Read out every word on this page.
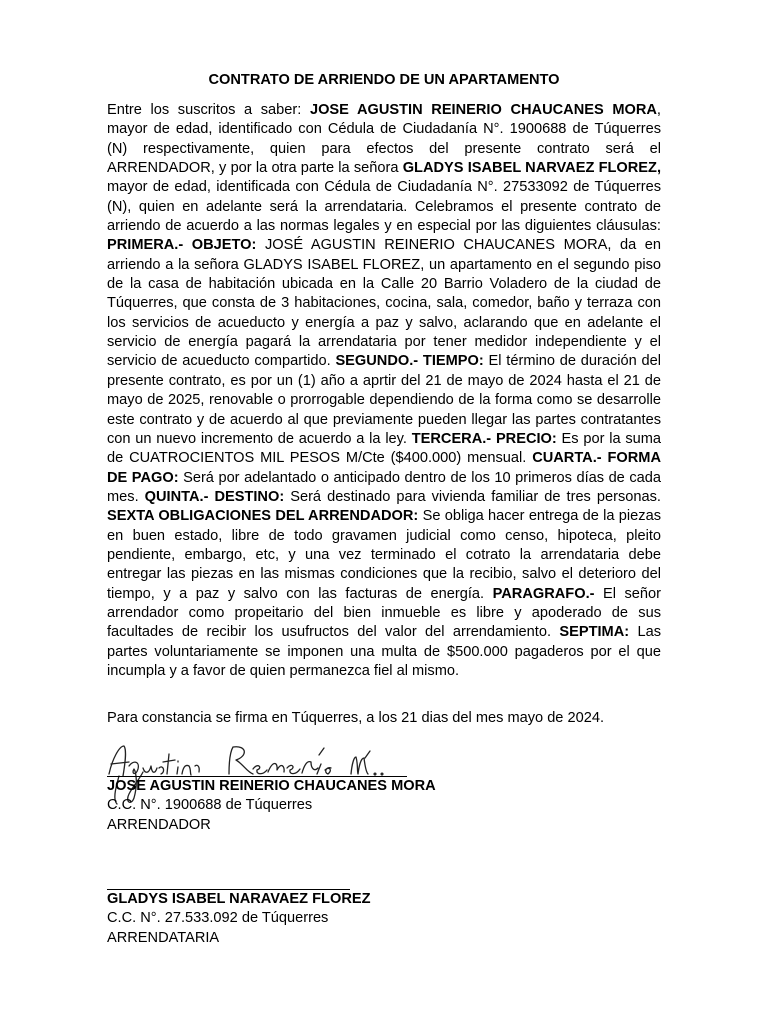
CONTRATO DE ARRIENDO DE UN APARTAMENTO

Entre los suscritos a saber: JOSE AGUSTIN REINERIO CHAUCANES MORA, mayor de edad, identificado con Cédula de Ciudadanía N°. 1900688 de Túquerres (N) respectivamente, quien para efectos del presente contrato será el ARRENDADOR, y por la otra parte la señora GLADYS ISABEL NARVAEZ FLOREZ, mayor de edad, identificada con Cédula de Ciudadanía N°. 27533092 de Túquerres (N), quien en adelante será la arrendataria. Celebramos el presente contrato de arriendo de acuerdo a las normas legales y en especial por las diguientes cláusulas: PRIMERA.- OBJETO: JOSÉ AGUSTIN REINERIO CHAUCANES MORA, da en arriendo a la señora GLADYS ISABEL FLOREZ, un apartamento en el segundo piso de la casa de habitación ubicada en la Calle 20 Barrio Voladero de la ciudad de Túquerres, que consta de 3 habitaciones, cocina, sala, comedor, baño y terraza con los servicios de acueducto y energía a paz y salvo, aclarando que en adelante el servicio de energía pagará la arrendataria por tener medidor independiente y el servicio de acueducto compartido. SEGUNDO.- TIEMPO: El término de duración del presente contrato, es por un (1) año a aprtir del 21 de mayo de 2024 hasta el 21 de mayo de 2025, renovable o prorrogable dependiendo de la forma como se desarrolle este contrato y de acuerdo al que previamente pueden llegar las partes contratantes con un nuevo incremento de acuerdo a la ley. TERCERA.- PRECIO: Es por la suma de CUATROCIENTOS MIL PESOS M/Cte ($400.000) mensual. CUARTA.- FORMA DE PAGO: Será por adelantado o anticipado dentro de los 10 primeros días de cada mes. QUINTA.- DESTINO: Será destinado para vivienda familiar de tres personas. SEXTA OBLIGACIONES DEL ARRENDADOR: Se obliga hacer entrega de la piezas en buen estado, libre de todo gravamen judicial como censo, hipoteca, pleito pendiente, embargo, etc, y una vez terminado el cotrato la arrendataria debe entregar las piezas en las mismas condiciones que la recibio, salvo el deterioro del tiempo, y a paz y salvo con las facturas de energía. PARAGRAFO.- El señor arrendador como propeitario del bien inmueble es libre y apoderado de sus facultades de recibir los usufructos del valor del arrendamiento. SEPTIMA: Las partes voluntariamente se imponen una multa de $500.000 pagaderos por el que incumpla y a favor de quien permanezca fiel al mismo.

Para constancia se firma en Túquerres, a los 21 dias del mes mayo de 2024.

JOSE AGUSTIN REINERIO CHAUCANES MORA
C.C. N°. 1900688 de Túquerres
ARRENDADOR
GLADYS ISABEL NARAVAEZ FLOREZ
C.C. N°. 27.533.092 de Túquerres
ARRENDATARIA
